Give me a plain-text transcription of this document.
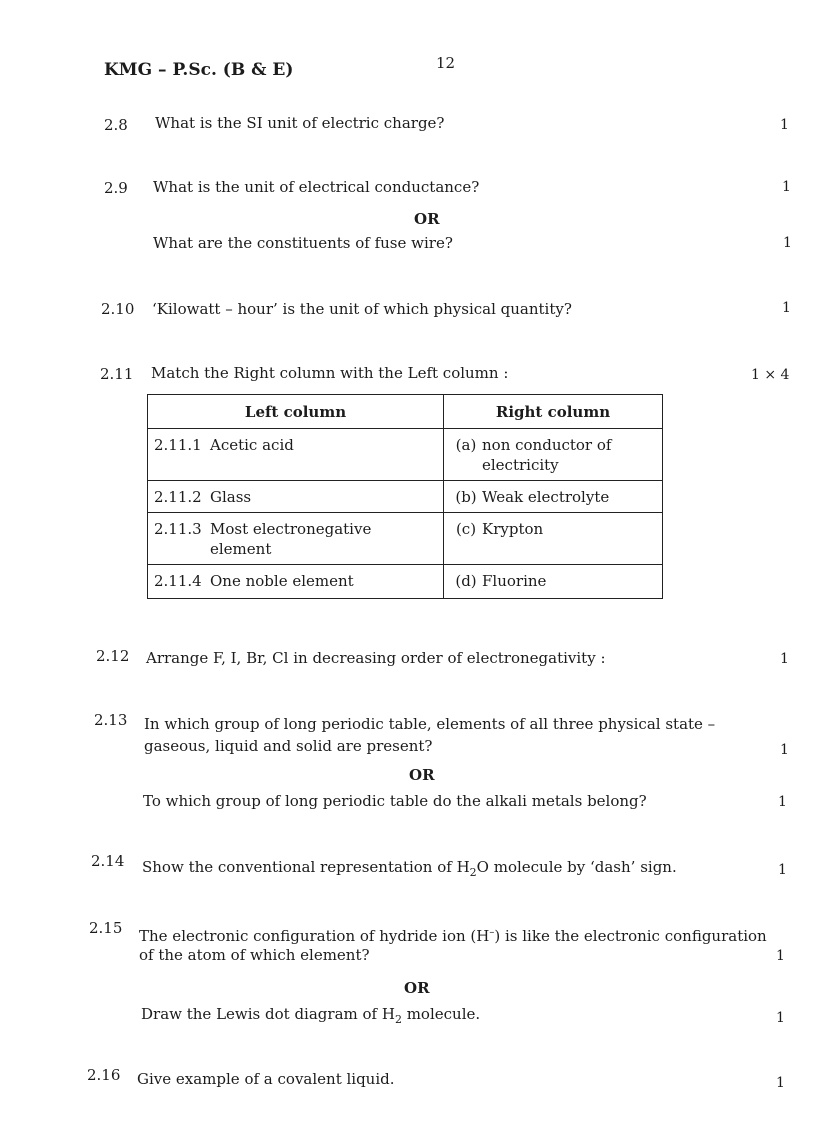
KMG – P.Sc. (B & E)	12
2.8 What is the SI unit of electric charge?	1
2.9 What is the unit of electrical conductance?	1
OR
What are the constituents of fuse wire?	1
2.10 ‘Kilowatt – hour’ is the unit of which physical quantity?	1
2.11 Match the Right column with the Left column :	1 × 4
Left column	Right column

2.11.1 Acetic acid	(a) non conductor of electricity

2.11.2 Glass	(b) Weak electrolyte

2.11.3 Most electronegative element	(c) Krypton

2.11.4 One noble element	(d) Fluorine
2.12 Arrange F, I, Br, Cl in decreasing order of electronegativity :	1
2.13 In which group of long periodic table, elements of all three physical state –
gaseous, liquid and solid are present?	1
OR
To which group of long periodic table do the alkali metals belong?	1
2.14 Show the conventional representation of $H_2O$ molecule by ‘dash’ sign.	1
2.15 The electronic configuration of hydride ion (H–) is like the electronic configuration
of the atom of which element?	1
OR
Draw the Lewis dot diagram of $H_2$ molecule.	1
2.16 Give example of a covalent liquid.	1
